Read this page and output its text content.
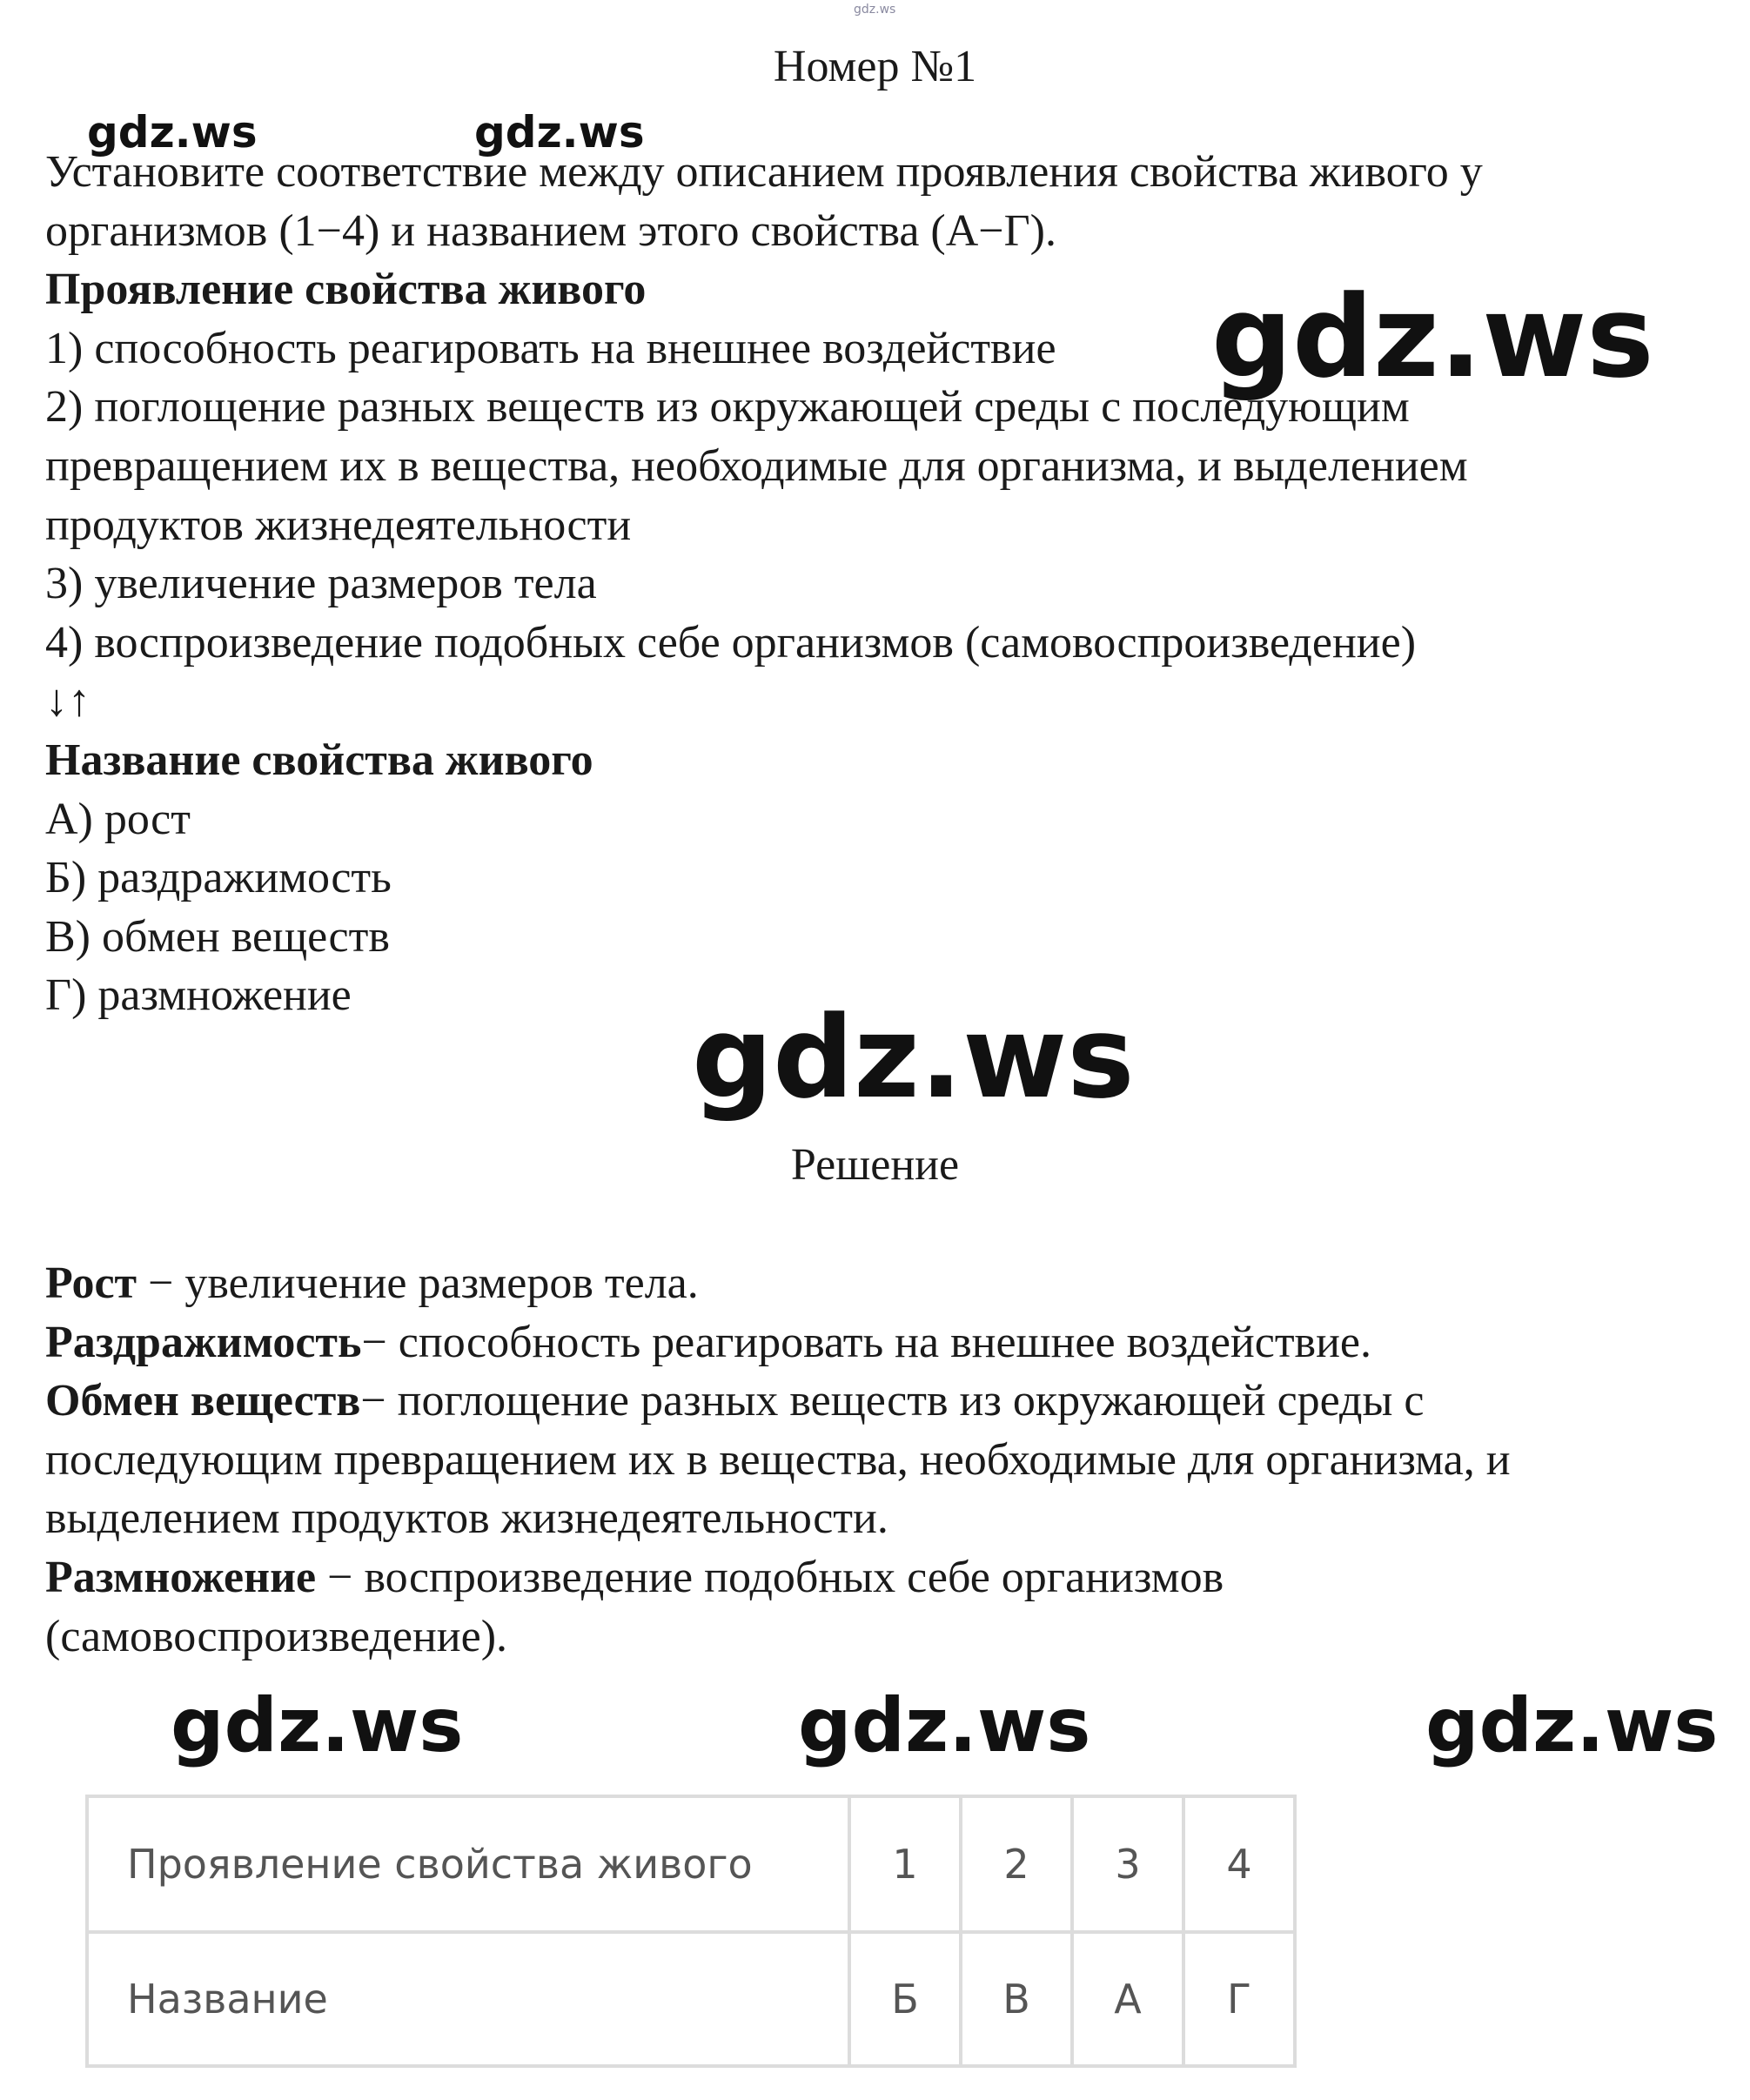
gdz.ws
gdz.ws	gdz.ws
gdz.ws
gdz.ws
gdz.ws	gdz.ws	gdz.ws
Номер №1

Установите соответствие между описанием проявления свойства живого у

организмов (1−4) и названием этого свойства (А−Г).

Проявление свойства живого

1) способность реагировать на внешнее воздействие

2) поглощение разных веществ из окружающей среды с последующим

превращением их в вещества, необходимые для организма, и выделением

продуктов жизнедеятельности

3) увеличение размеров тела

4) воспроизведение подобных себе организмов (самовоспроизведение)

↓↑

Название свойства живого

А) рост

Б) раздражимость

В) обмен веществ

Г) размножение

Решение

Рост − увеличение размеров тела.

Раздражимость− способность реагировать на внешнее воздействие.

Обмен веществ− поглощение разных веществ из окружающей среды с

последующим превращением их в вещества, необходимые для организма, и

выделением продуктов жизнедеятельности.

Размножение − воспроизведение подобных себе организмов

(самовоспроизведение).

Проявление свойства живого	1	2	3	4
Название	Б	В	А	Г
